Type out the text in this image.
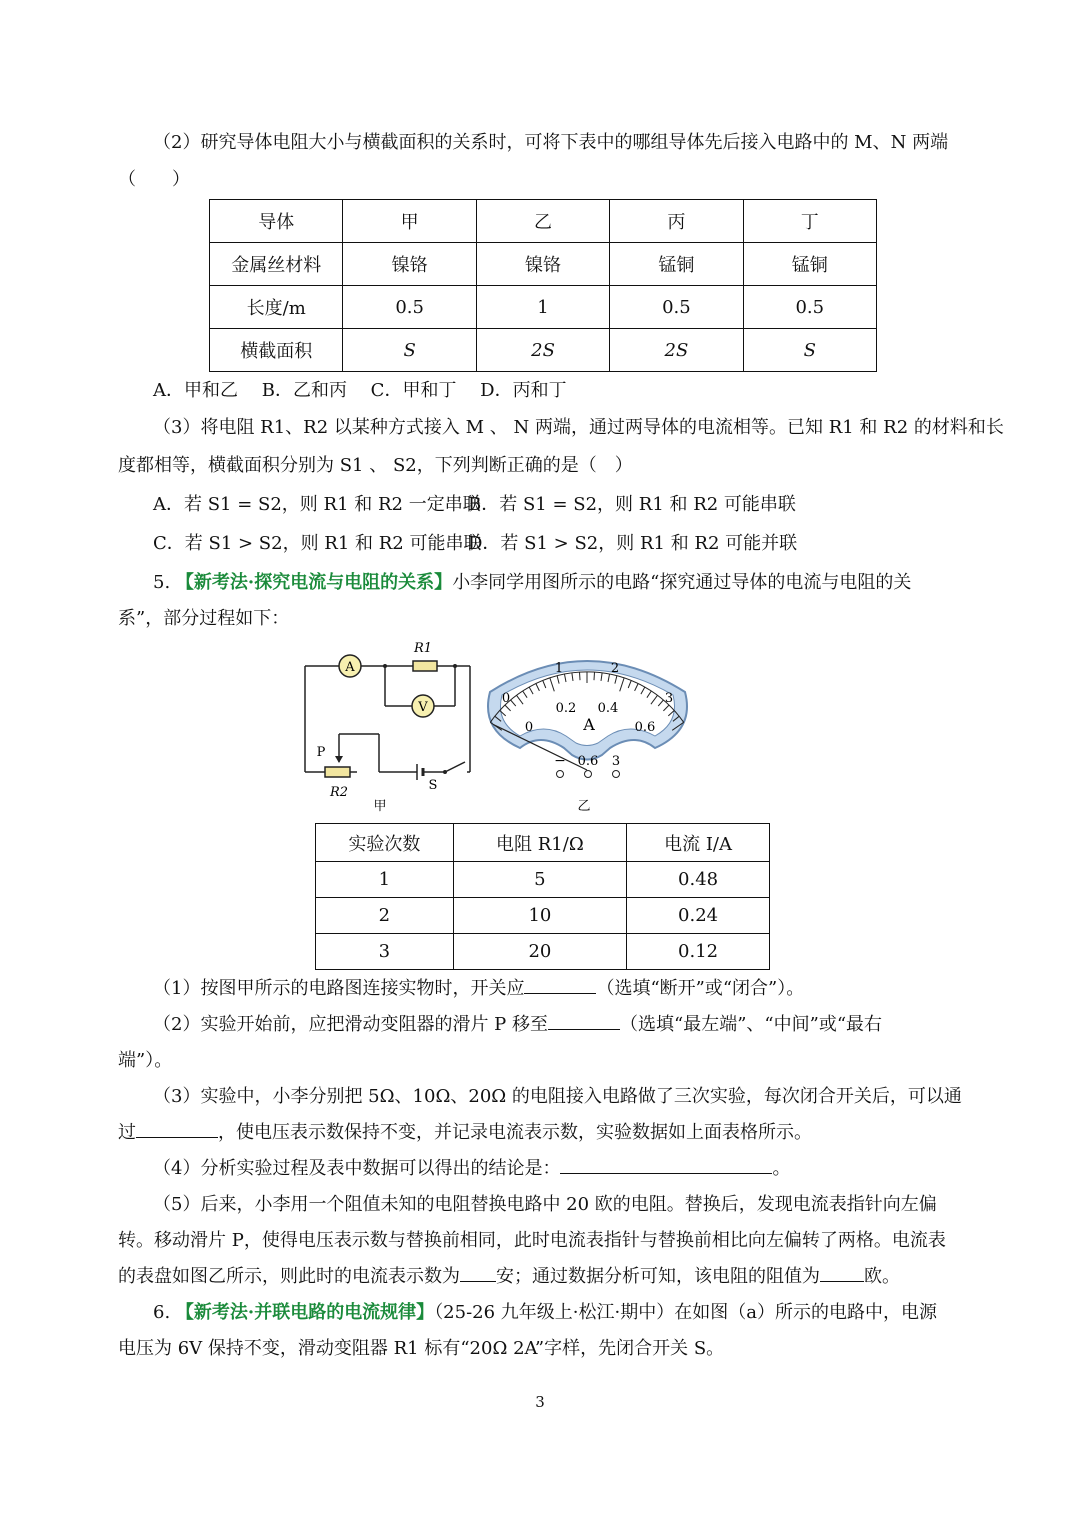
（2）研究导体电阻大小与横截面积的关系时，可将下表中的哪组导体先后接入电路中的 M、N 两端
（　　）
导体	甲	乙	丙	丁
金属丝材料	镍铬	镍铬	锰铜	锰铜
长度/m	0.5	1	0.5	0.5
横截面积	S	2S	2S	S
A．甲和乙　 B．乙和丙　 C．甲和丁　 D．丙和丁
（3）将电阻 R1、R2 以某种方式接入 M 、 N 两端，通过两导体的电流相等。已知 R1 和 R2 的材料和长
度都相等，横截面积分别为 S1 、 S2，下列判断正确的是（　）
A．若 S1 = S2，则 R1 和 R2 一定串联
B．若 S1 = S2，则 R1 和 R2 可能串联
C．若 S1 > S2，则 R1 和 R2 可能串联
D．若 S1 > S2，则 R1 和 R2 可能并联
5. 【新考法·探究电流与电阻的关系】小李同学用图所示的电路“探究通过导体的电流与电阻的关
系”，部分过程如下：
A
V
R1
P
R2	S
甲
0
1	2
3
0
0.2 0.4
0.6
A
− 0.6 3
乙
实验次数	电阻 R1/Ω	电流 I/A
1	5	0.48
2	10	0.24
3	20	0.12
（1）按图甲所示的电路图连接实物时，开关应	（选填“断开”或“闭合”）。
（2）实验开始前，应把滑动变阻器的滑片 P 移至	（选填“最左端”、“中间”或“最右
端”）。
（3）实验中，小李分别把 5Ω、10Ω、20Ω 的电阻接入电路做了三次实验，每次闭合开关后，可以通
过	，使电压表示数保持不变，并记录电流表示数，实验数据如上面表格所示。
（4）分析实验过程及表中数据可以得出的结论是：	。
（5）后来，小李用一个阻值未知的电阻替换电路中 20 欧的电阻。替换后，发现电流表指针向左偏
转。移动滑片 P，使得电压表示数与替换前相同，此时电流表指针与替换前相比向左偏转了两格。电流表
的表盘如图乙所示，则此时的电流表示数为 安；通过数据分析可知，该电阻的阻值为 欧。
6. 【新考法·并联电路的电流规律】（25-26 九年级上·松江·期中）在如图（a）所示的电路中，电源
电压为 6V 保持不变，滑动变阻器 R1 标有“20Ω 2A”字样，先闭合开关 S。
3
